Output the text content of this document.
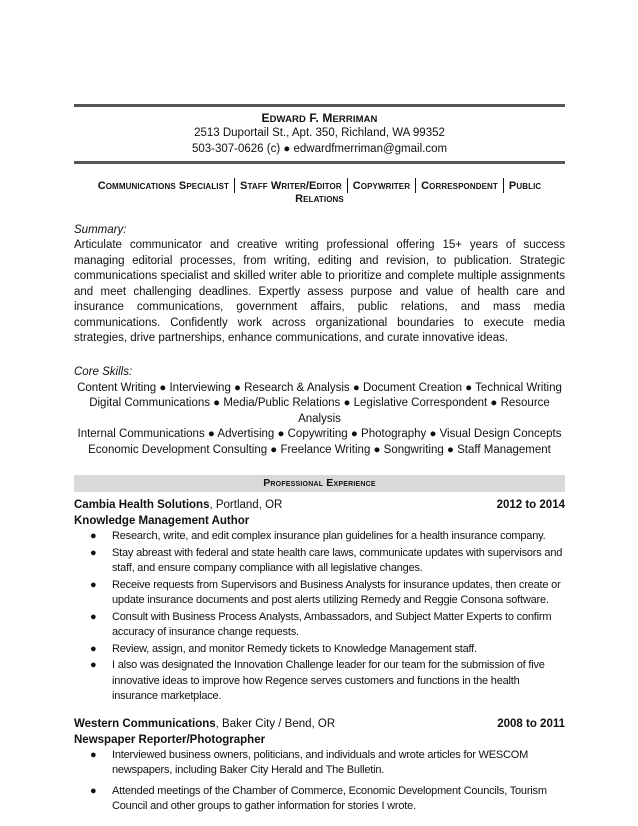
EDWARD F. MERRIMAN
2513 Duportail St., Apt. 350, Richland, WA 99352
503-307-0626 (c) ● edwardfmerriman@gmail.com
Communications Specialist Staff Writer/Editor Copywriter Correspondent Public Relations
Summary:
Articulate communicator and creative writing professional offering 15+ years of success managing editorial processes, from writing, editing and revision, to publication. Strategic communications specialist and skilled writer able to prioritize and complete multiple assignments and meet challenging deadlines. Expertly assess purpose and value of health care and insurance communications, government affairs, public relations, and mass media communications. Confidently work across organizational boundaries to execute media strategies, drive partnerships, enhance communications, and curate innovative ideas.
Core Skills:
Content Writing ● Interviewing ● Research & Analysis ● Document Creation ● Technical Writing
Digital Communications ● Media/Public Relations ● Legislative Correspondent ● Resource Analysis
Internal Communications ● Advertising ● Copywriting ● Photography ● Visual Design Concepts
Economic Development Consulting ● Freelance Writing ● Songwriting ● Staff Management
Professional Experience
Cambia Health Solutions, Portland, OR	2012 to 2014
Knowledge Management Author
● Research, write, and edit complex insurance plan guidelines for a health insurance company.
● Stay abreast with federal and state health care laws, communicate updates with supervisors and staff, and ensure company compliance with all legislative changes.
● Receive requests from Supervisors and Business Analysts for insurance updates, then create or update insurance documents and post alerts utilizing Remedy and Reggie Consona software.
● Consult with Business Process Analysts, Ambassadors, and Subject Matter Experts to confirm accuracy of insurance change requests.
● Review, assign, and monitor Remedy tickets to Knowledge Management staff.
● I also was designated the Innovation Challenge leader for our team for the submission of five innovative ideas to improve how Regence serves customers and functions in the health insurance marketplace.
Western Communications, Baker City / Bend, OR	2008 to 2011
Newspaper Reporter/Photographer
● Interviewed business owners, politicians, and individuals and wrote articles for WESCOM newspapers, including Baker City Herald and The Bulletin.
● Attended meetings of the Chamber of Commerce, Economic Development Councils, Tourism Council and other groups to gather information for stories I wrote.
